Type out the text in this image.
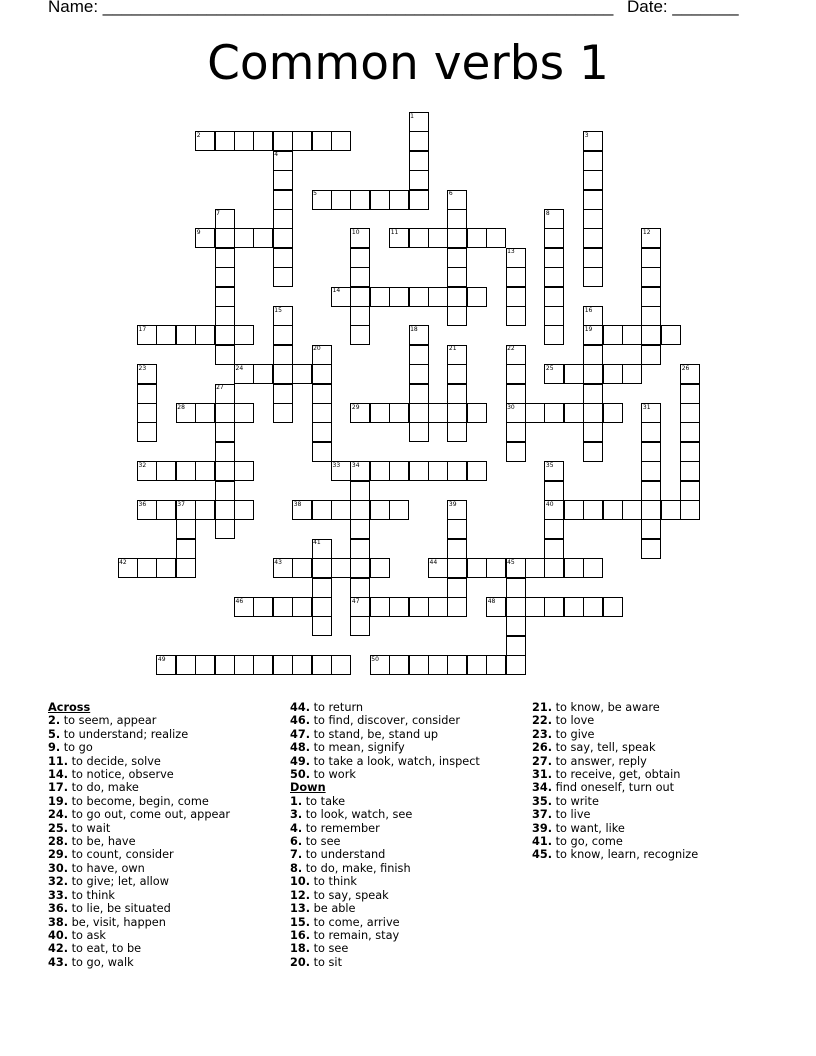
Name: ______________________________________________________ Date: _______
Common verbs 1
1
2	3
4
5	6
7	8
9	10	11	12
13
14
15	16
17	18	19
20	21	22
23	24	25	26
27
28	29	30	31
32	33 34	35
36	37	38	39	40
41
42	43	44	45
46	47	48
49	50
Across
2. to seem, appear
5. to understand; realize
9. to go
11. to decide, solve
14. to notice, observe
17. to do, make
19. to become, begin, come
24. to go out, come out, appear
25. to wait
28. to be, have
29. to count, consider
30. to have, own
32. to give; let, allow
33. to think
36. to lie, be situated
38. be, visit, happen
40. to ask
42. to eat, to be
43. to go, walk
44. to return
46. to find, discover, consider
47. to stand, be, stand up
48. to mean, signify
49. to take a look, watch, inspect
50. to work
Down
1. to take
3. to look, watch, see
4. to remember
6. to see
7. to understand
8. to do, make, finish
10. to think
12. to say, speak
13. be able
15. to come, arrive
16. to remain, stay
18. to see
20. to sit
21. to know, be aware
22. to love
23. to give
26. to say, tell, speak
27. to answer, reply
31. to receive, get, obtain
34. find oneself, turn out
35. to write
37. to live
39. to want, like
41. to go, come
45. to know, learn, recognize
